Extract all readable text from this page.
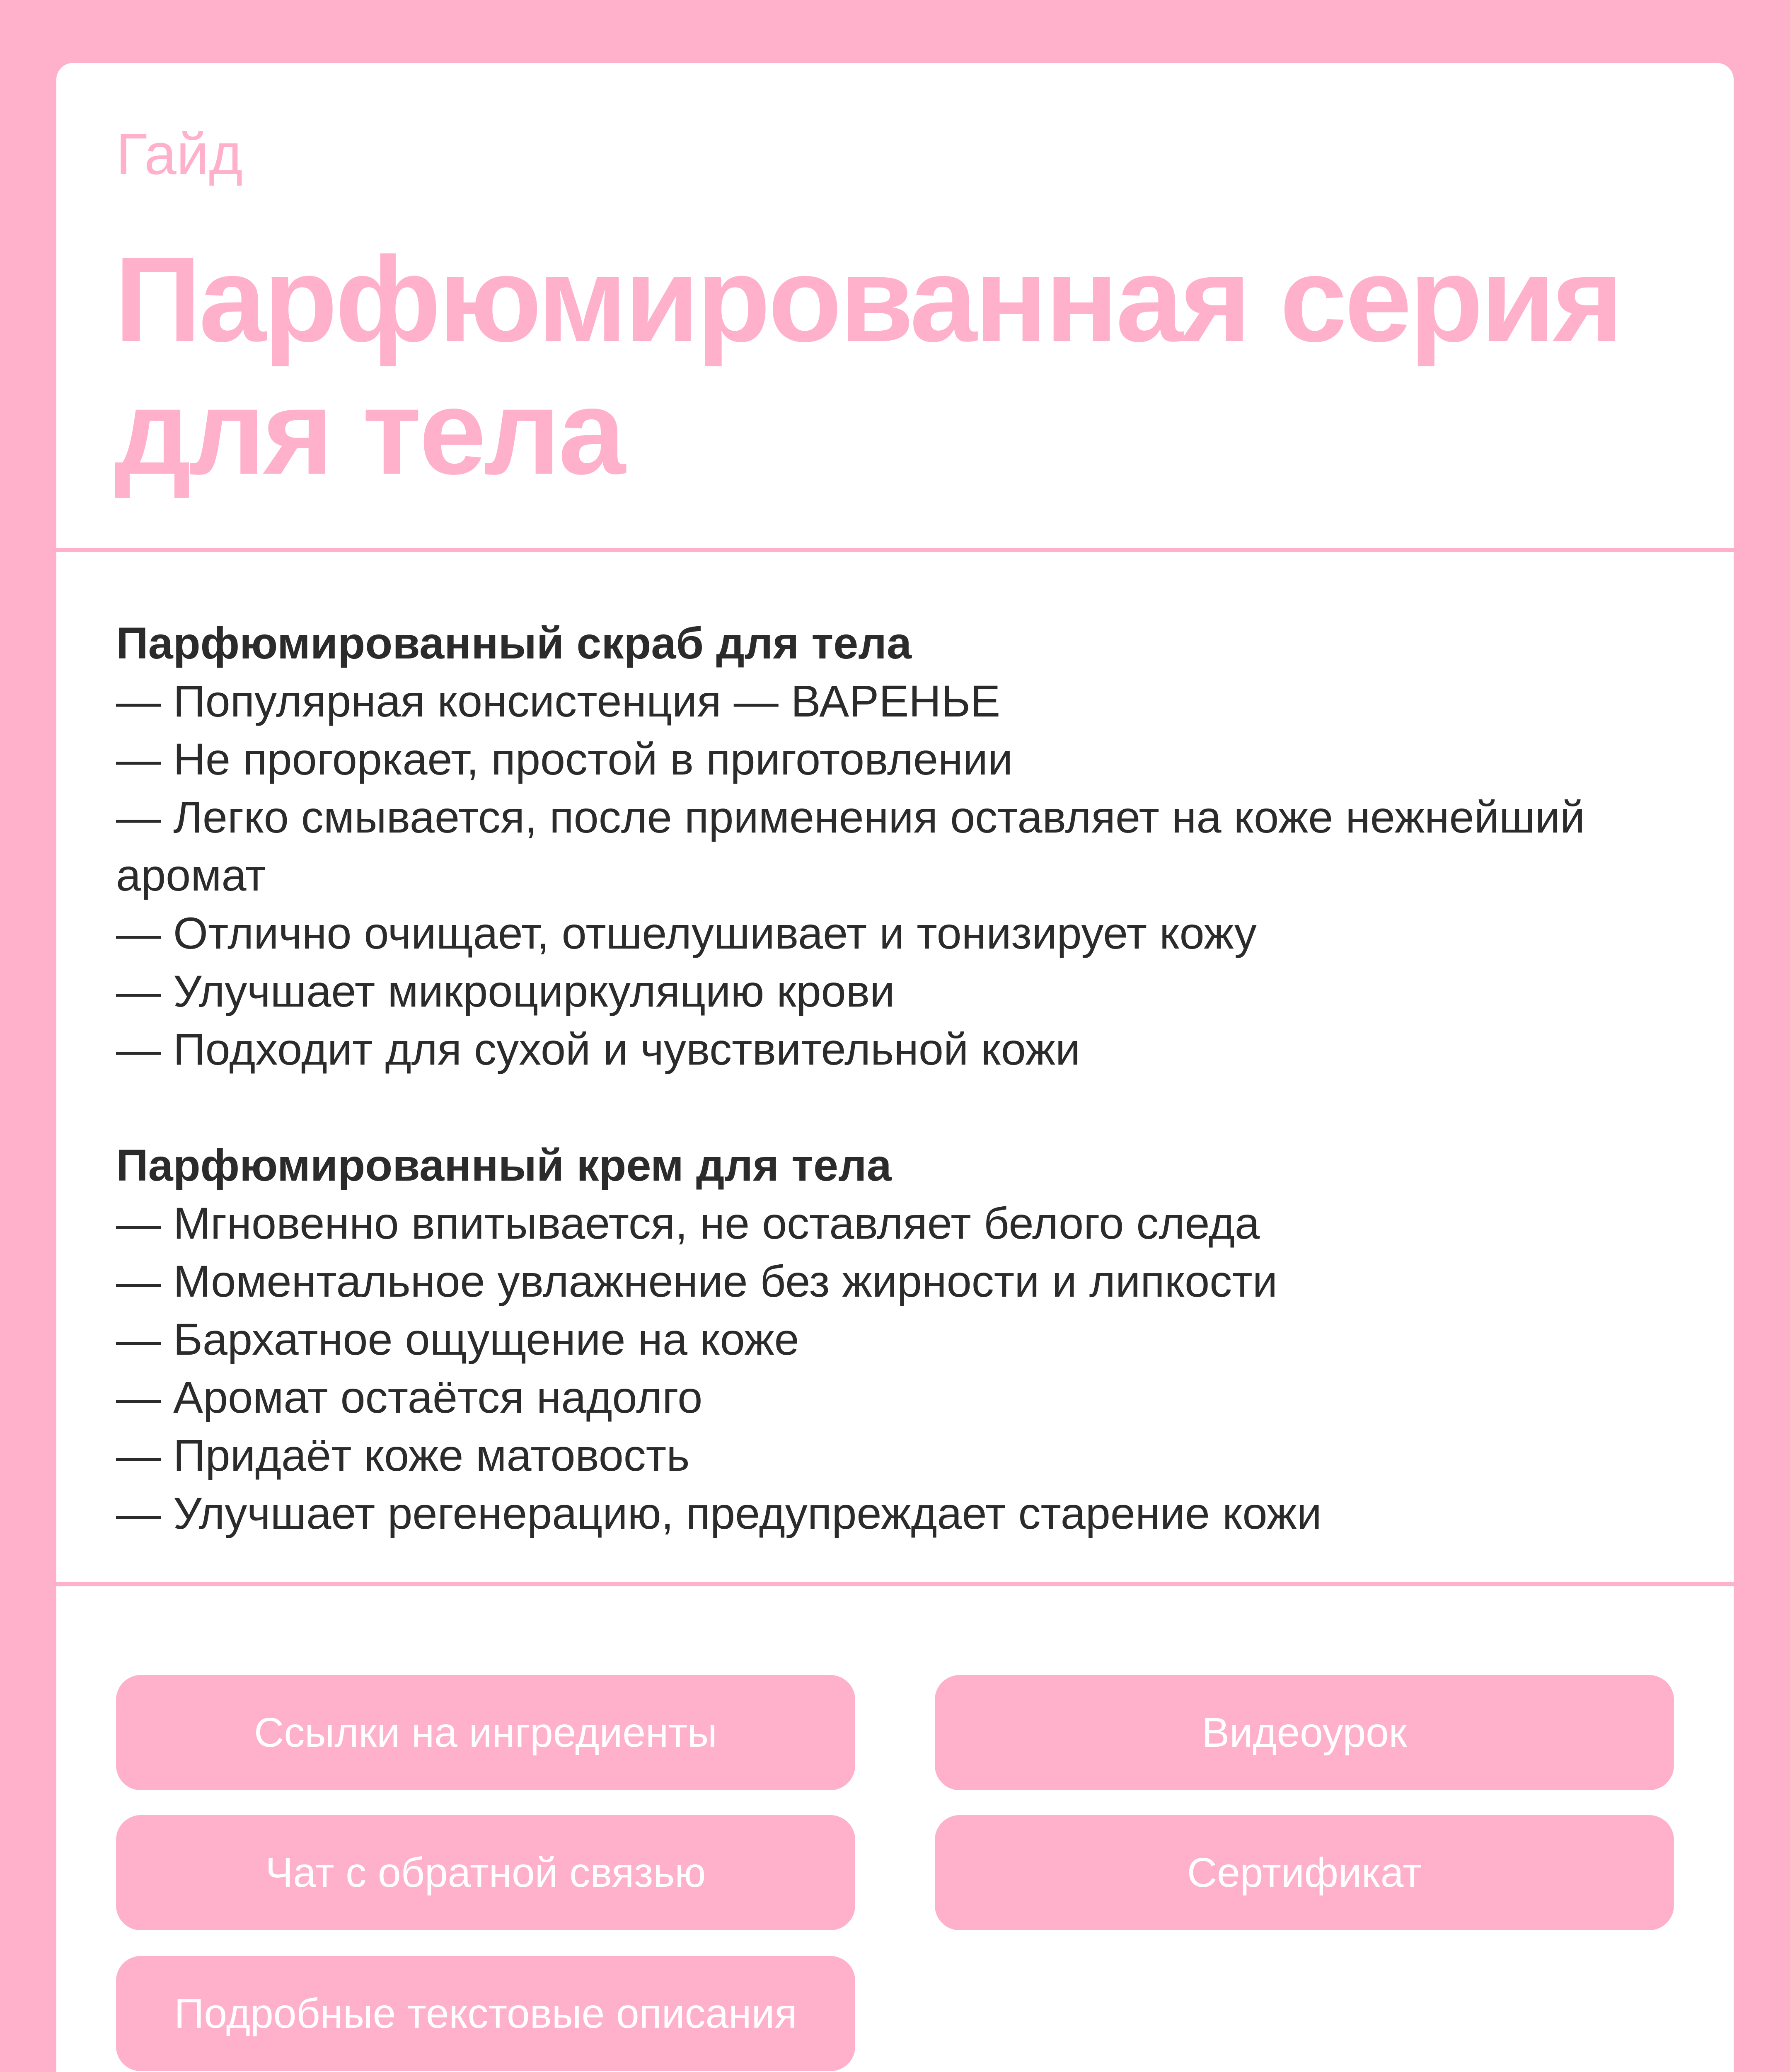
Гайд

Парфюмированная серия для тела

Парфюмированный скраб для тела

— Популярная консистенция — ВАРЕНЬЕ
— Не прогоркает, простой в приготовлении
— Легко смывается, после применения оставляет на коже нежнейший аромат
— Отлично очищает, отшелушивает и тонизирует кожу
— Улучшает микроциркуляцию крови
— Подходит для сухой и чувствительной кожи

Парфюмированный крем для тела

— Мгновенно впитывается, не оставляет белого следа
— Моментальное увлажнение без жирности и липкости
— Бархатное ощущение на коже
— Аромат остаётся надолго
— Придаёт коже матовость
— Улучшает регенерацию, предупреждает старение кожи
Ссылки на ингредиенты	Видеоурок
Чат с обратной связью	Сертификат
Подробные текстовые описания
